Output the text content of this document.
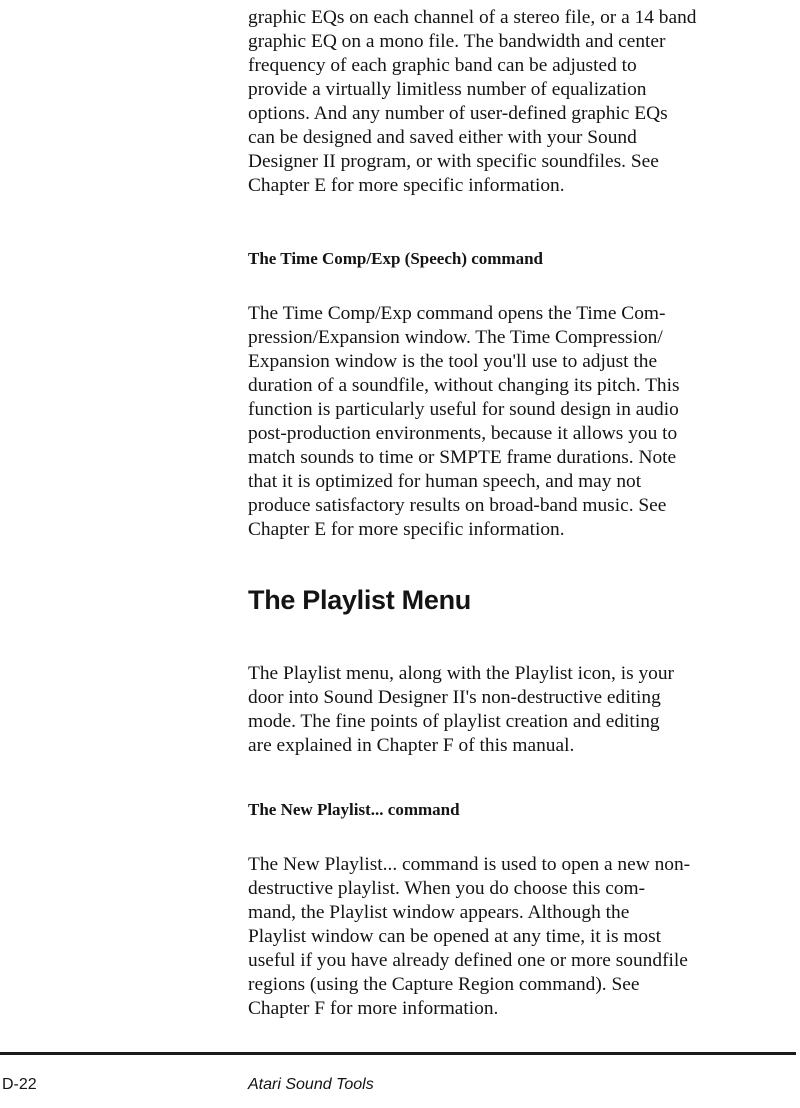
graphic EQs on each channel of a stereo file, or a 14 band
graphic EQ on a mono file. The bandwidth and center
frequency of each graphic band can be adjusted to
provide a virtually limitless number of equalization
options. And any number of user-defined graphic EQs
can be designed and saved either with your Sound
Designer II program, or with specific soundfiles. See
Chapter E for more specific information.
The Time Comp/Exp (Speech) command
The Time Comp/Exp command opens the Time Com-
pression/Expansion window. The Time Compression/
Expansion window is the tool you'll use to adjust the
duration of a soundfile, without changing its pitch. This
function is particularly useful for sound design in audio
post-production environments, because it allows you to
match sounds to time or SMPTE frame durations. Note
that it is optimized for human speech, and may not
produce satisfactory results on broad-band music. See
Chapter E for more specific information.
The Playlist Menu
The Playlist menu, along with the Playlist icon, is your
door into Sound Designer II's non-destructive editing
mode. The fine points of playlist creation and editing
are explained in Chapter F of this manual.
The New Playlist... command
The New Playlist... command is used to open a new non-
destructive playlist. When you do choose this com-
mand, the Playlist window appears. Although the
Playlist window can be opened at any time, it is most
useful if you have already defined one or more soundfile
regions (using the Capture Region command). See
Chapter F for more information.
D-22	Atari Sound Tools
